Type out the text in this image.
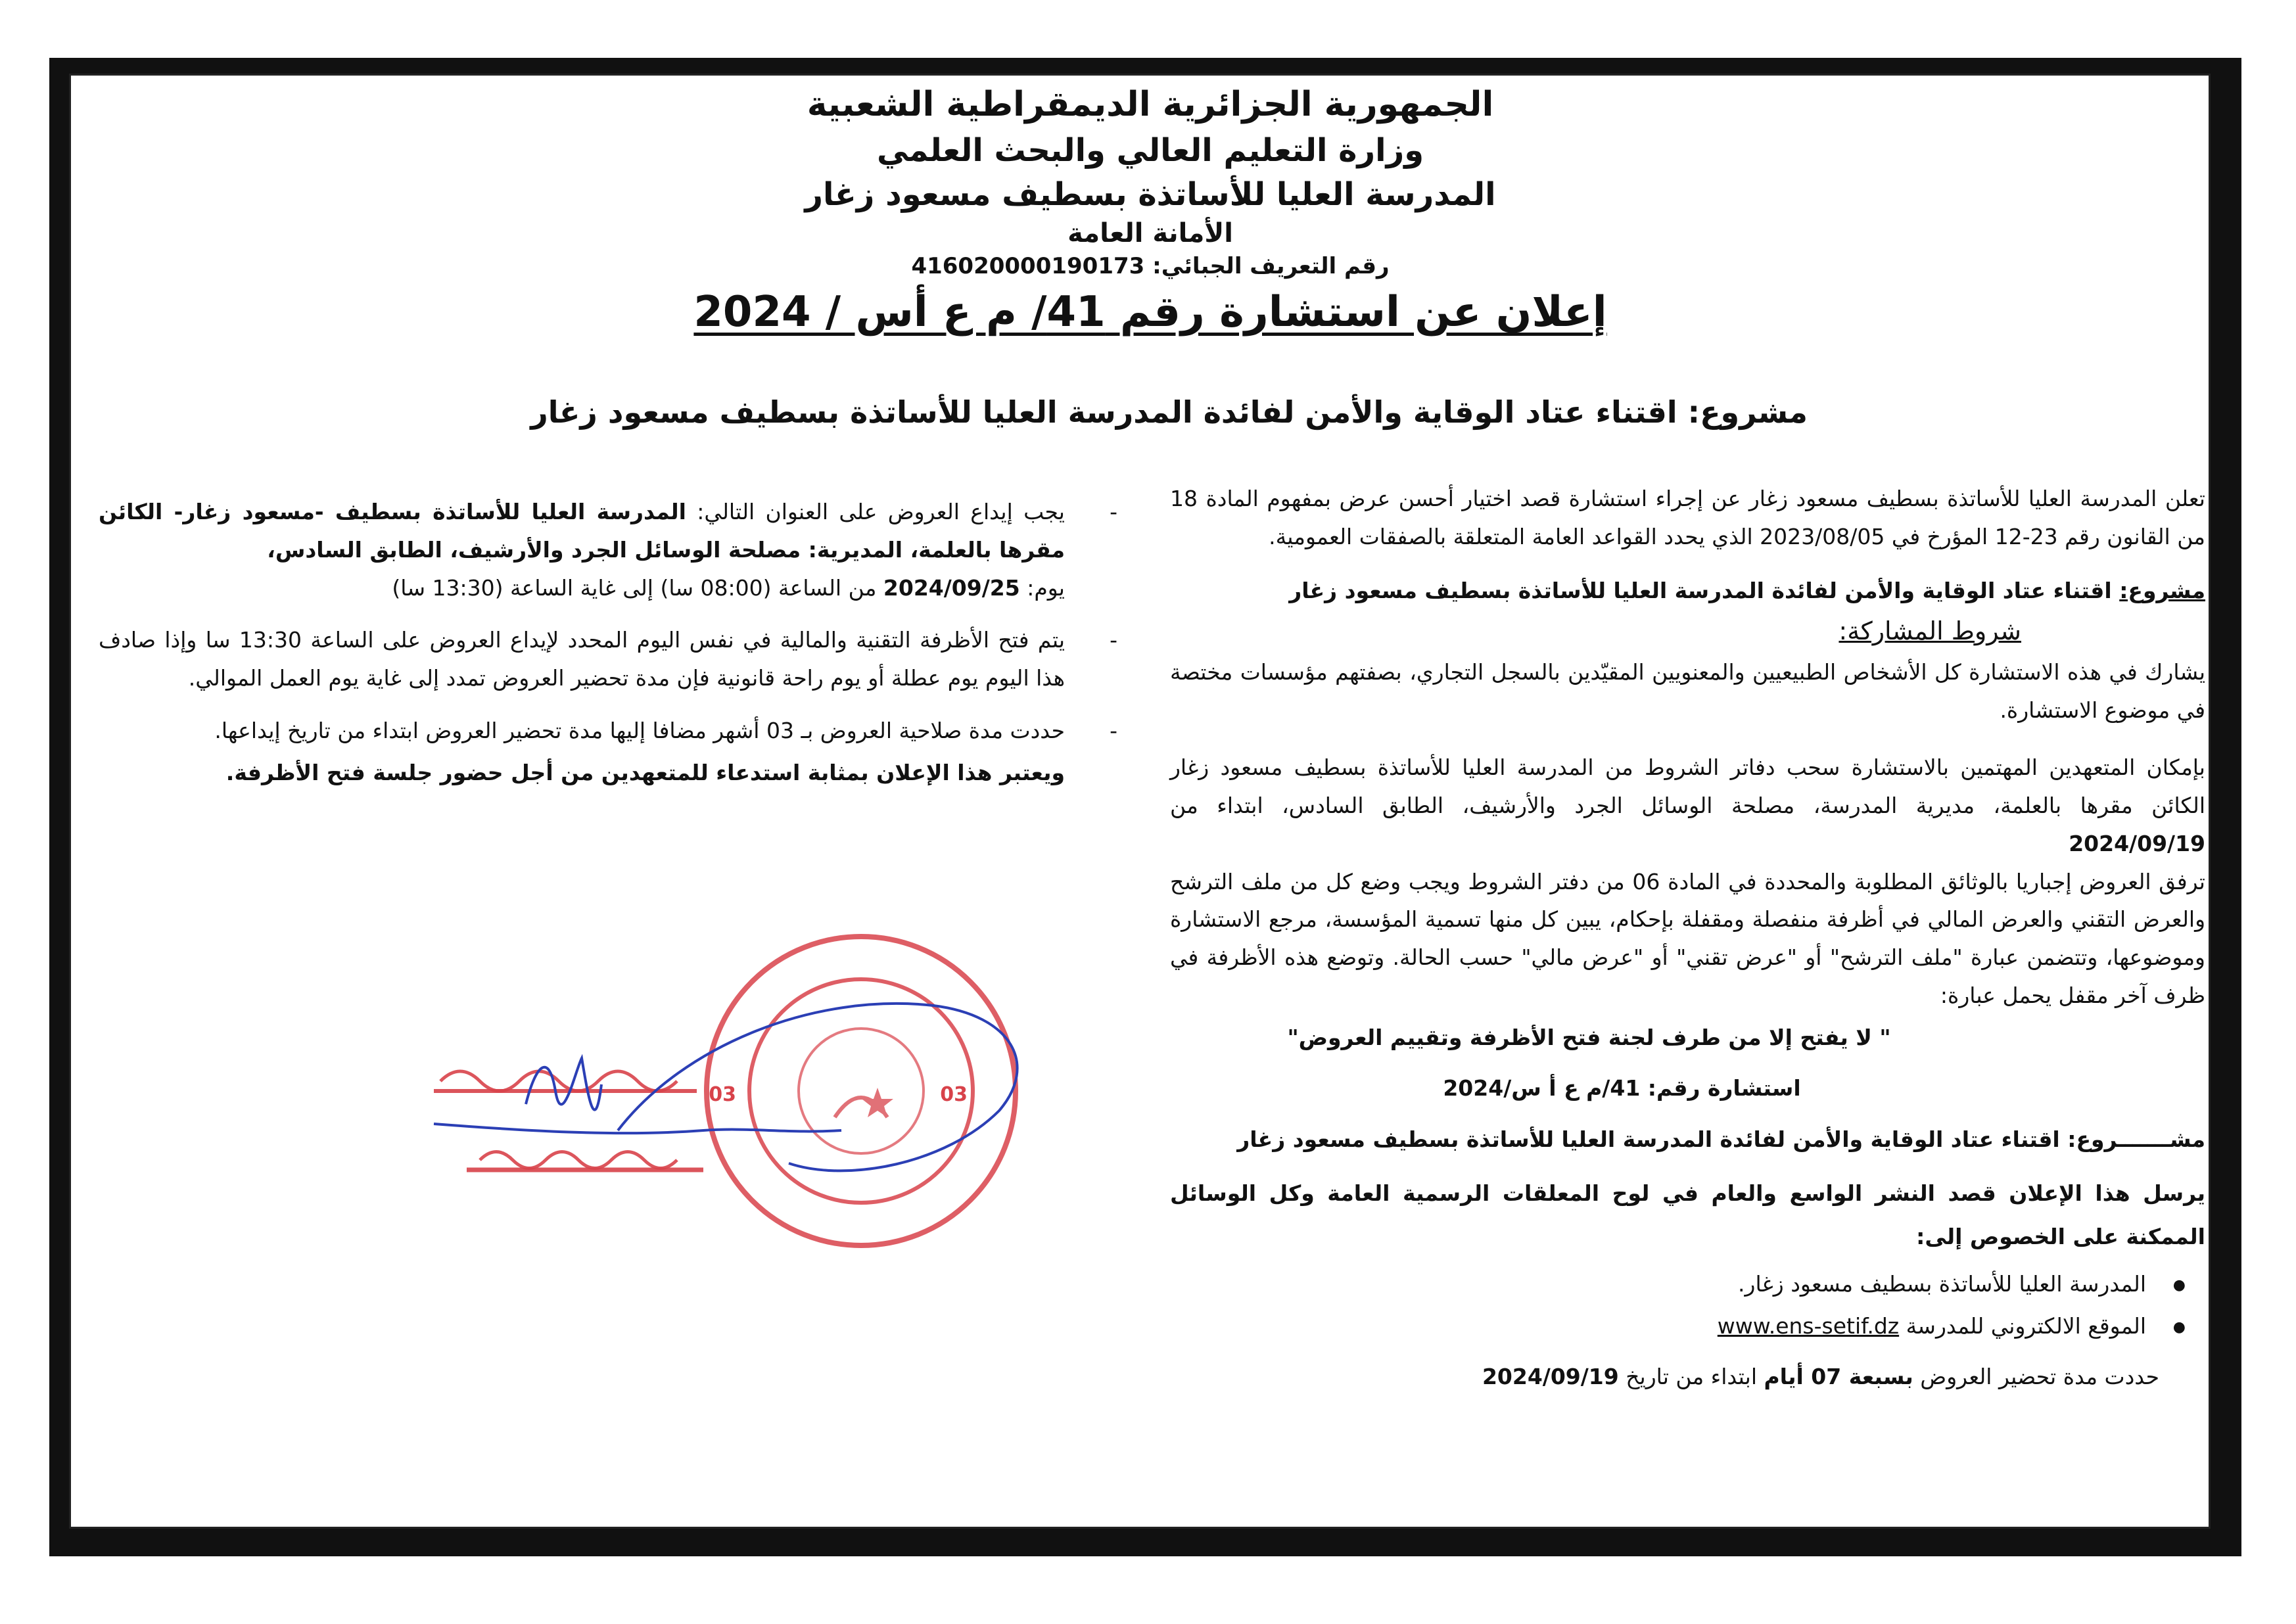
الجمهورية الجزائرية الديمقراطية الشعبية

وزارة التعليم العالي والبحث العلمي

المدرسة العليا للأساتذة بسطيف مسعود زغار

الأمانة العامة

رقم التعريف الجبائي: 416020000190173

إعلان عن استشارة رقم 41/ م ع أس / 2024

مشروع: اقتناء عتاد الوقاية والأمن لفائدة المدرسة العليا للأساتذة بسطيف مسعود زغار

تعلن المدرسة العليا للأساتذة بسطيف مسعود زغار عن إجراء استشارة قصد اختيار أحسن عرض بمفهوم المادة 18 من القانون رقم 23-12 المؤرخ في 2023/08/05 الذي يحدد القواعد العامة المتعلقة بالصفقات العمومية.

مشروع: اقتناء عتاد الوقاية والأمن لفائدة المدرسة العليا للأساتذة بسطيف مسعود زغار

شروط المشاركة:

يشارك في هذه الاستشارة كل الأشخاص الطبيعيين والمعنويين المقيّدين بالسجل التجاري، بصفتهم مؤسسات مختصة في موضوع الاستشارة.

بإمكان المتعهدين المهتمين بالاستشارة سحب دفاتر الشروط من المدرسة العليا للأساتذة بسطيف مسعود زغار الكائن مقرها بالعلمة، مديرية المدرسة، مصلحة الوسائل الجرد والأرشيف، الطابق السادس، ابتداء من 2024/09/19

ترفق العروض إجباريا بالوثائق المطلوبة والمحددة في المادة 06 من دفتر الشروط ويجب وضع كل من ملف الترشح والعرض التقني والعرض المالي في أظرفة منفصلة ومقفلة بإحكام، يبين كل منها تسمية المؤسسة، مرجع الاستشارة وموضوعها، وتتضمن عبارة "ملف الترشح" أو "عرض تقني" أو "عرض مالي" حسب الحالة. وتوضع هذه الأظرفة في ظرف آخر مقفل يحمل عبارة:

" لا يفتح إلا من طرف لجنة فتح الأظرفة وتقييم العروض"

استشارة رقم: 41/م ع أ س/2024

مشـــــــروع: اقتناء عتاد الوقاية والأمن لفائدة المدرسة العليا للأساتذة بسطيف مسعود زغار

يرسل هذا الإعلان قصد النشر الواسع والعام في لوح المعلقات الرسمية العامة وكل الوسائل الممكنة على الخصوص إلى:

● المدرسة العليا للأساتذة بسطيف مسعود زغار.
● الموقع الالكتروني للمدرسة www.ens-setif.dz

حددت مدة تحضير العروض بسبعة 07 أيام ابتداء من تاريخ 2024/09/19

- يجب إيداع العروض على العنوان التالي: المدرسة العليا للأساتذة بسطيف -مسعود زغار- الكائن مقرها بالعلمة، المديرية: مصلحة الوسائل الجرد والأرشيف، الطابق السادس،
يوم: 2024/09/25 من الساعة (08:00 سا) إلى غاية الساعة (13:30 سا)
- يتم فتح الأظرفة التقنية والمالية في نفس اليوم المحدد لإيداع العروض على الساعة 13:30 سا وإذا صادف هذا اليوم يوم عطلة أو يوم راحة قانونية فإن مدة تحضير العروض تمدد إلى غاية يوم العمل الموالي.
- حددت مدة صلاحية العروض بـ 03 أشهر مضافا إليها مدة تحضير العروض ابتداء من تاريخ إيداعها.

ويعتبر هذا الإعلان بمثابة استدعاء للمتعهدين من أجل حضور جلسة فتح الأظرفة.

03	03
